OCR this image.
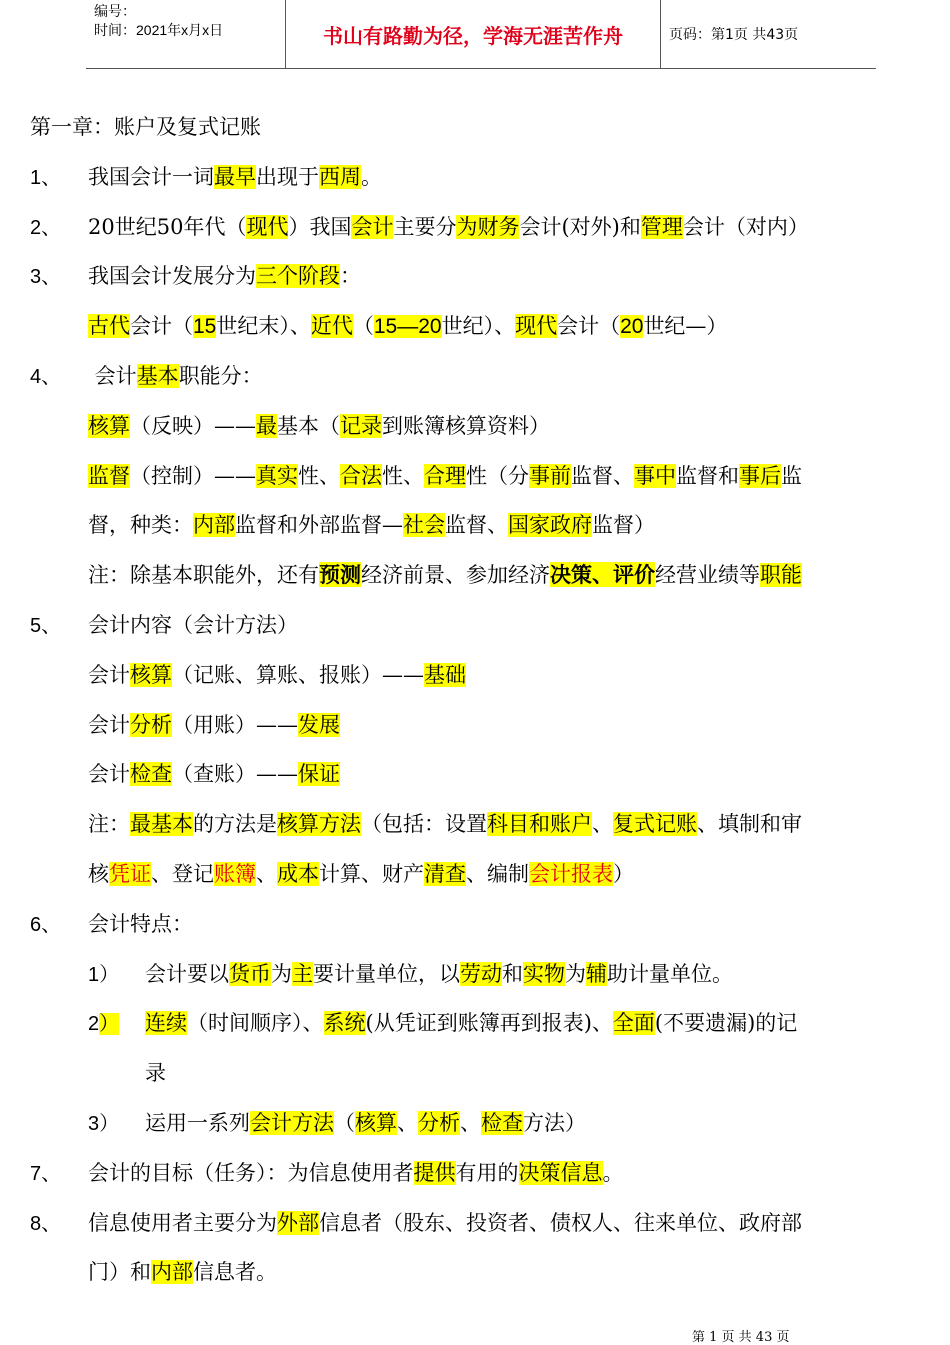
编号：
时间：2021年x月x日	书山有路勤为径，学海无涯苦作舟	页码：第1页 共43页
第一章：账户及复式记账
1、 我国会计一词最早出现于西周。
2、 20世纪50年代（现代）我国会计主要分为财务会计(对外)和管理会计（对内）
3、 我国会计发展分为三个阶段：
古代会计（15世纪末）、近代（15—20世纪）、现代会计（20世纪—）
4、 会计基本职能分：
核算（反映）——最基本（记录到账簿核算资料）
监督（控制）——真实性、合法性、合理性（分事前监督、事中监督和事后监
督，种类：内部监督和外部监督—社会监督、国家政府监督）
注：除基本职能外，还有预测经济前景、参加经济决策、评价经营业绩等职能
5、 会计内容（会计方法）
会计核算（记账、算账、报账）——基础
会计分析（用账）——发展
会计检查（查账）——保证
注：最基本的方法是核算方法（包括：设置科目和账户、复式记账、填制和审
核凭证、登记账簿、成本计算、财产清查、编制会计报表）
6、 会计特点：
1） 会计要以货币为主要计量单位，以劳动和实物为辅助计量单位。
2） 连续（时间顺序）、系统(从凭证到账簿再到报表)、全面(不要遗漏)的记
录
3） 运用一系列会计方法（核算、分析、检查方法）
7、 会计的目标（任务）：为信息使用者提供有用的决策信息。
8、 信息使用者主要分为外部信息者（股东、投资者、债权人、往来单位、政府部
门）和内部信息者。
第 1 页 共 43 页
